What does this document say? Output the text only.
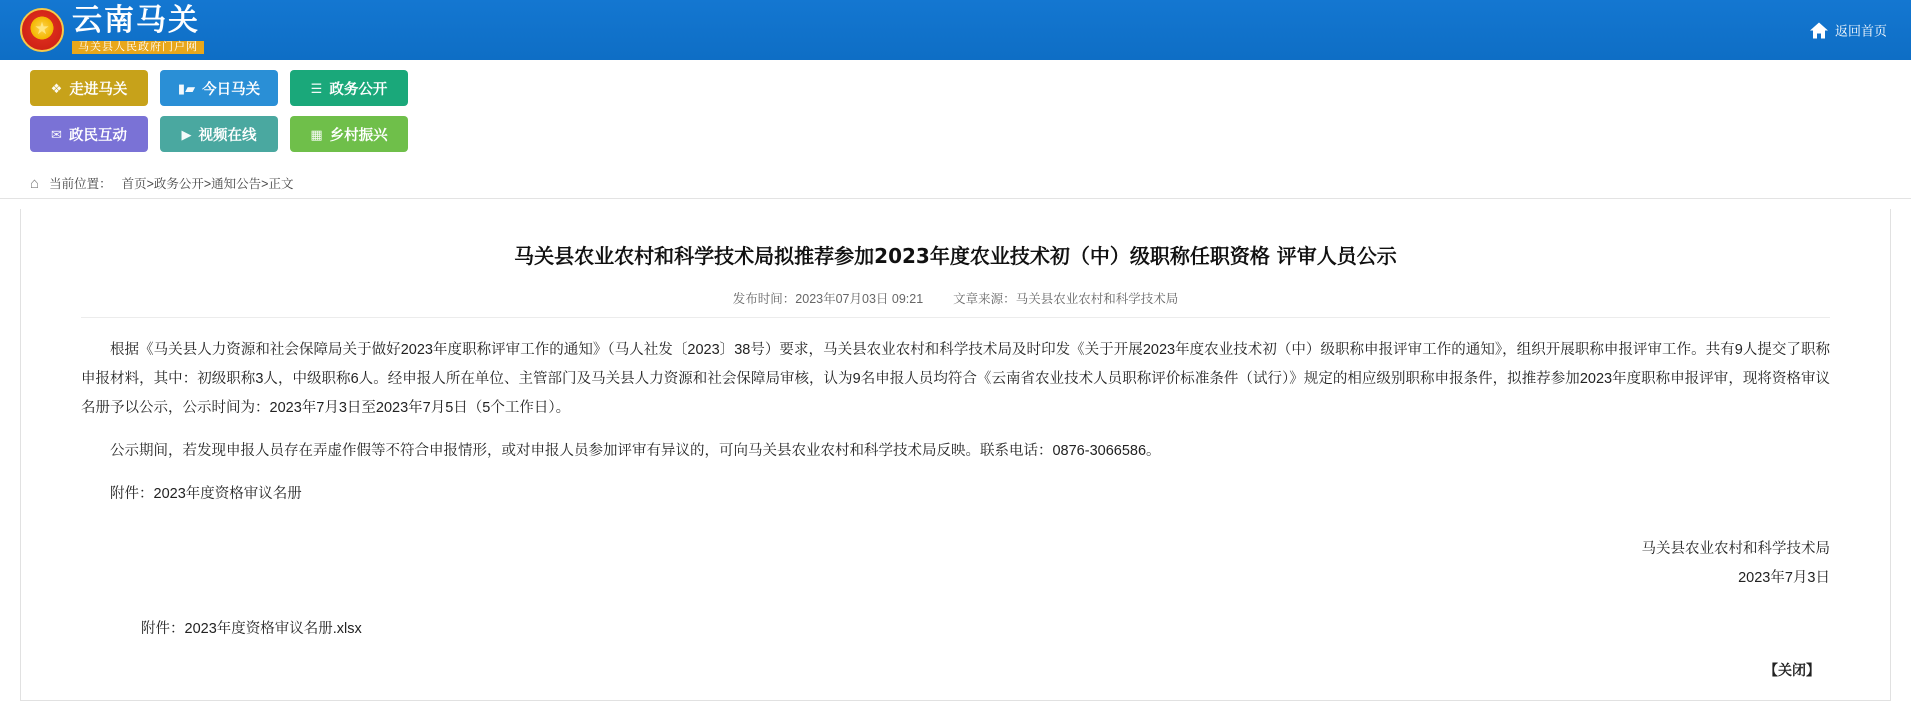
★
云南马关
马关县人民政府门户网
返回首页
❖ 走进马关	▮▰ 今日马关	☰ 政务公开
✉ 政民互动	▶ 视频在线	▦ 乡村振兴
⌂ 当前位置： 首页>政务公开>通知公告>正文
马关县农业农村和科学技术局拟推荐参加2023年度农业技术初（中）级职称任职资格 评审人员公示
发布时间：2023年07月03日 09:21 文章来源：马关县农业农村和科学技术局

根据《马关县人力资源和社会保障局关于做好2023年度职称评审工作的通知》（马人社发〔2023〕38号）要求，马关县农业农村和科学技术局及时印发《关于开展2023年度农业技术初（中）级职称申报评审工作的通知》，组织开展职称申报评审工作。共有9人提交了职称申报材料，其中：初级职称3人，中级职称6人。经申报人所在单位、主管部门及马关县人力资源和社会保障局审核，认为9名申报人员均符合《云南省农业技术人员职称评价标准条件（试行）》规定的相应级别职称申报条件，拟推荐参加2023年度职称申报评审，现将资格审议名册予以公示，公示时间为：2023年7月3日至2023年7月5日（5个工作日）。

公示期间，若发现申报人员存在弄虚作假等不符合申报情形，或对申报人员参加评审有异议的，可向马关县农业农村和科学技术局反映。联系电话：0876-3066586。

附件：2023年度资格审议名册

马关县农业农村和科学技术局
2023年7月3日
附件：2023年度资格审议名册.xlsx
【关闭】
